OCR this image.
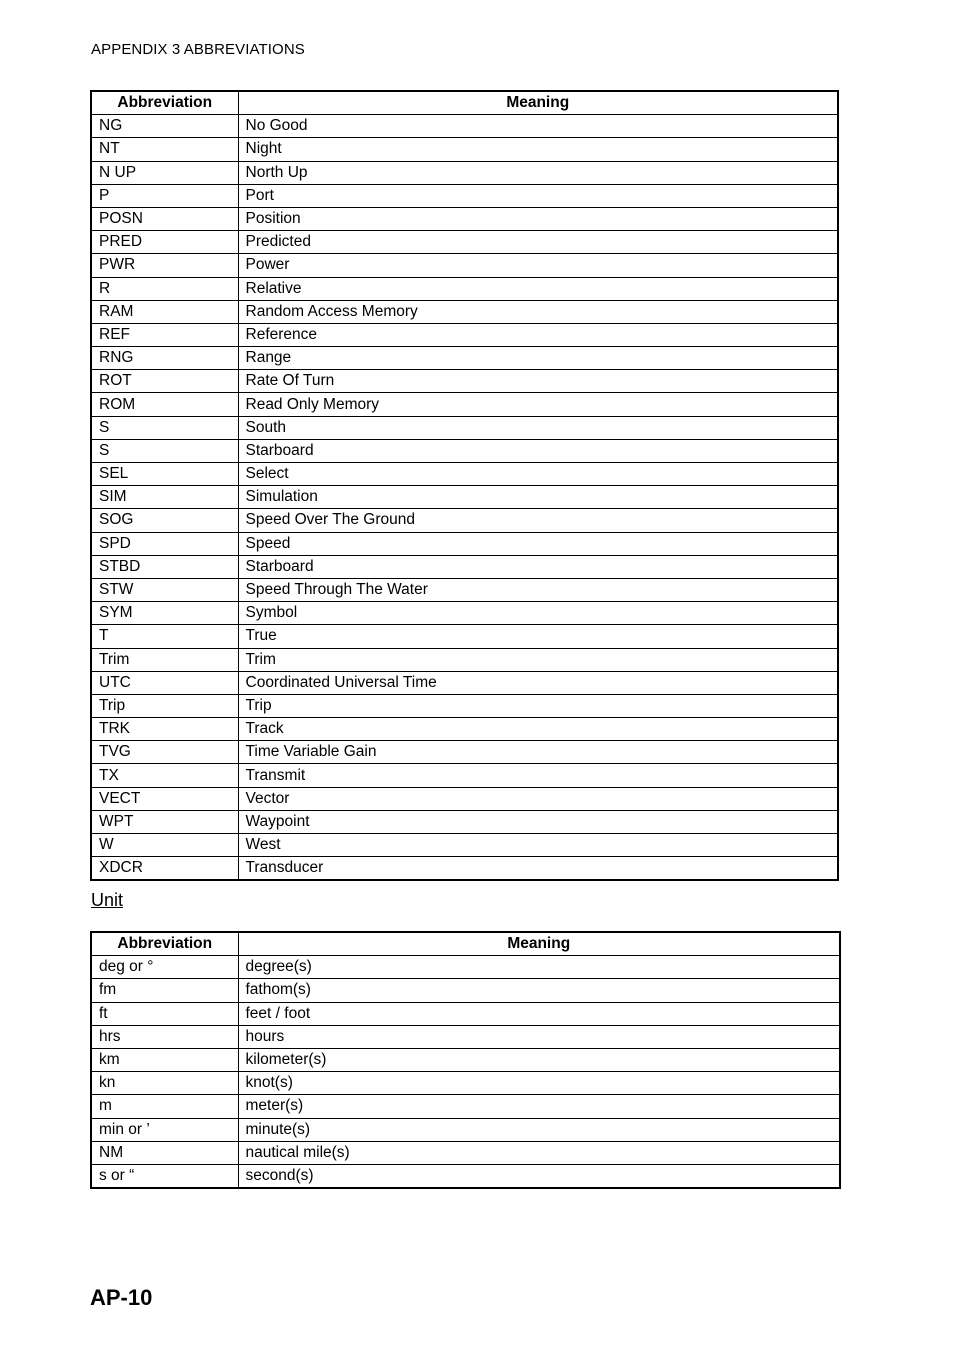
APPENDIX 3 ABBREVIATIONS
Abbreviation	Meaning
NG	No Good
NT	Night
N UP	North Up
P	Port
POSN	Position
PRED	Predicted
PWR	Power
R	Relative
RAM	Random Access Memory
REF	Reference
RNG	Range
ROT	Rate Of Turn
ROM	Read Only Memory
S	South
S	Starboard
SEL	Select
SIM	Simulation
SOG	Speed Over The Ground
SPD	Speed
STBD	Starboard
STW	Speed Through The Water
SYM	Symbol
T	True
Trim	Trim
UTC	Coordinated Universal Time
Trip	Trip
TRK	Track
TVG	Time Variable Gain
TX	Transmit
VECT	Vector
WPT	Waypoint
W	West
XDCR	Transducer
Unit
Abbreviation	Meaning
deg or °	degree(s)
fm	fathom(s)
ft	feet / foot
hrs	hours
km	kilometer(s)
kn	knot(s)
m	meter(s)
min or ’	minute(s)
NM	nautical mile(s)
s or “	second(s)
AP-10
